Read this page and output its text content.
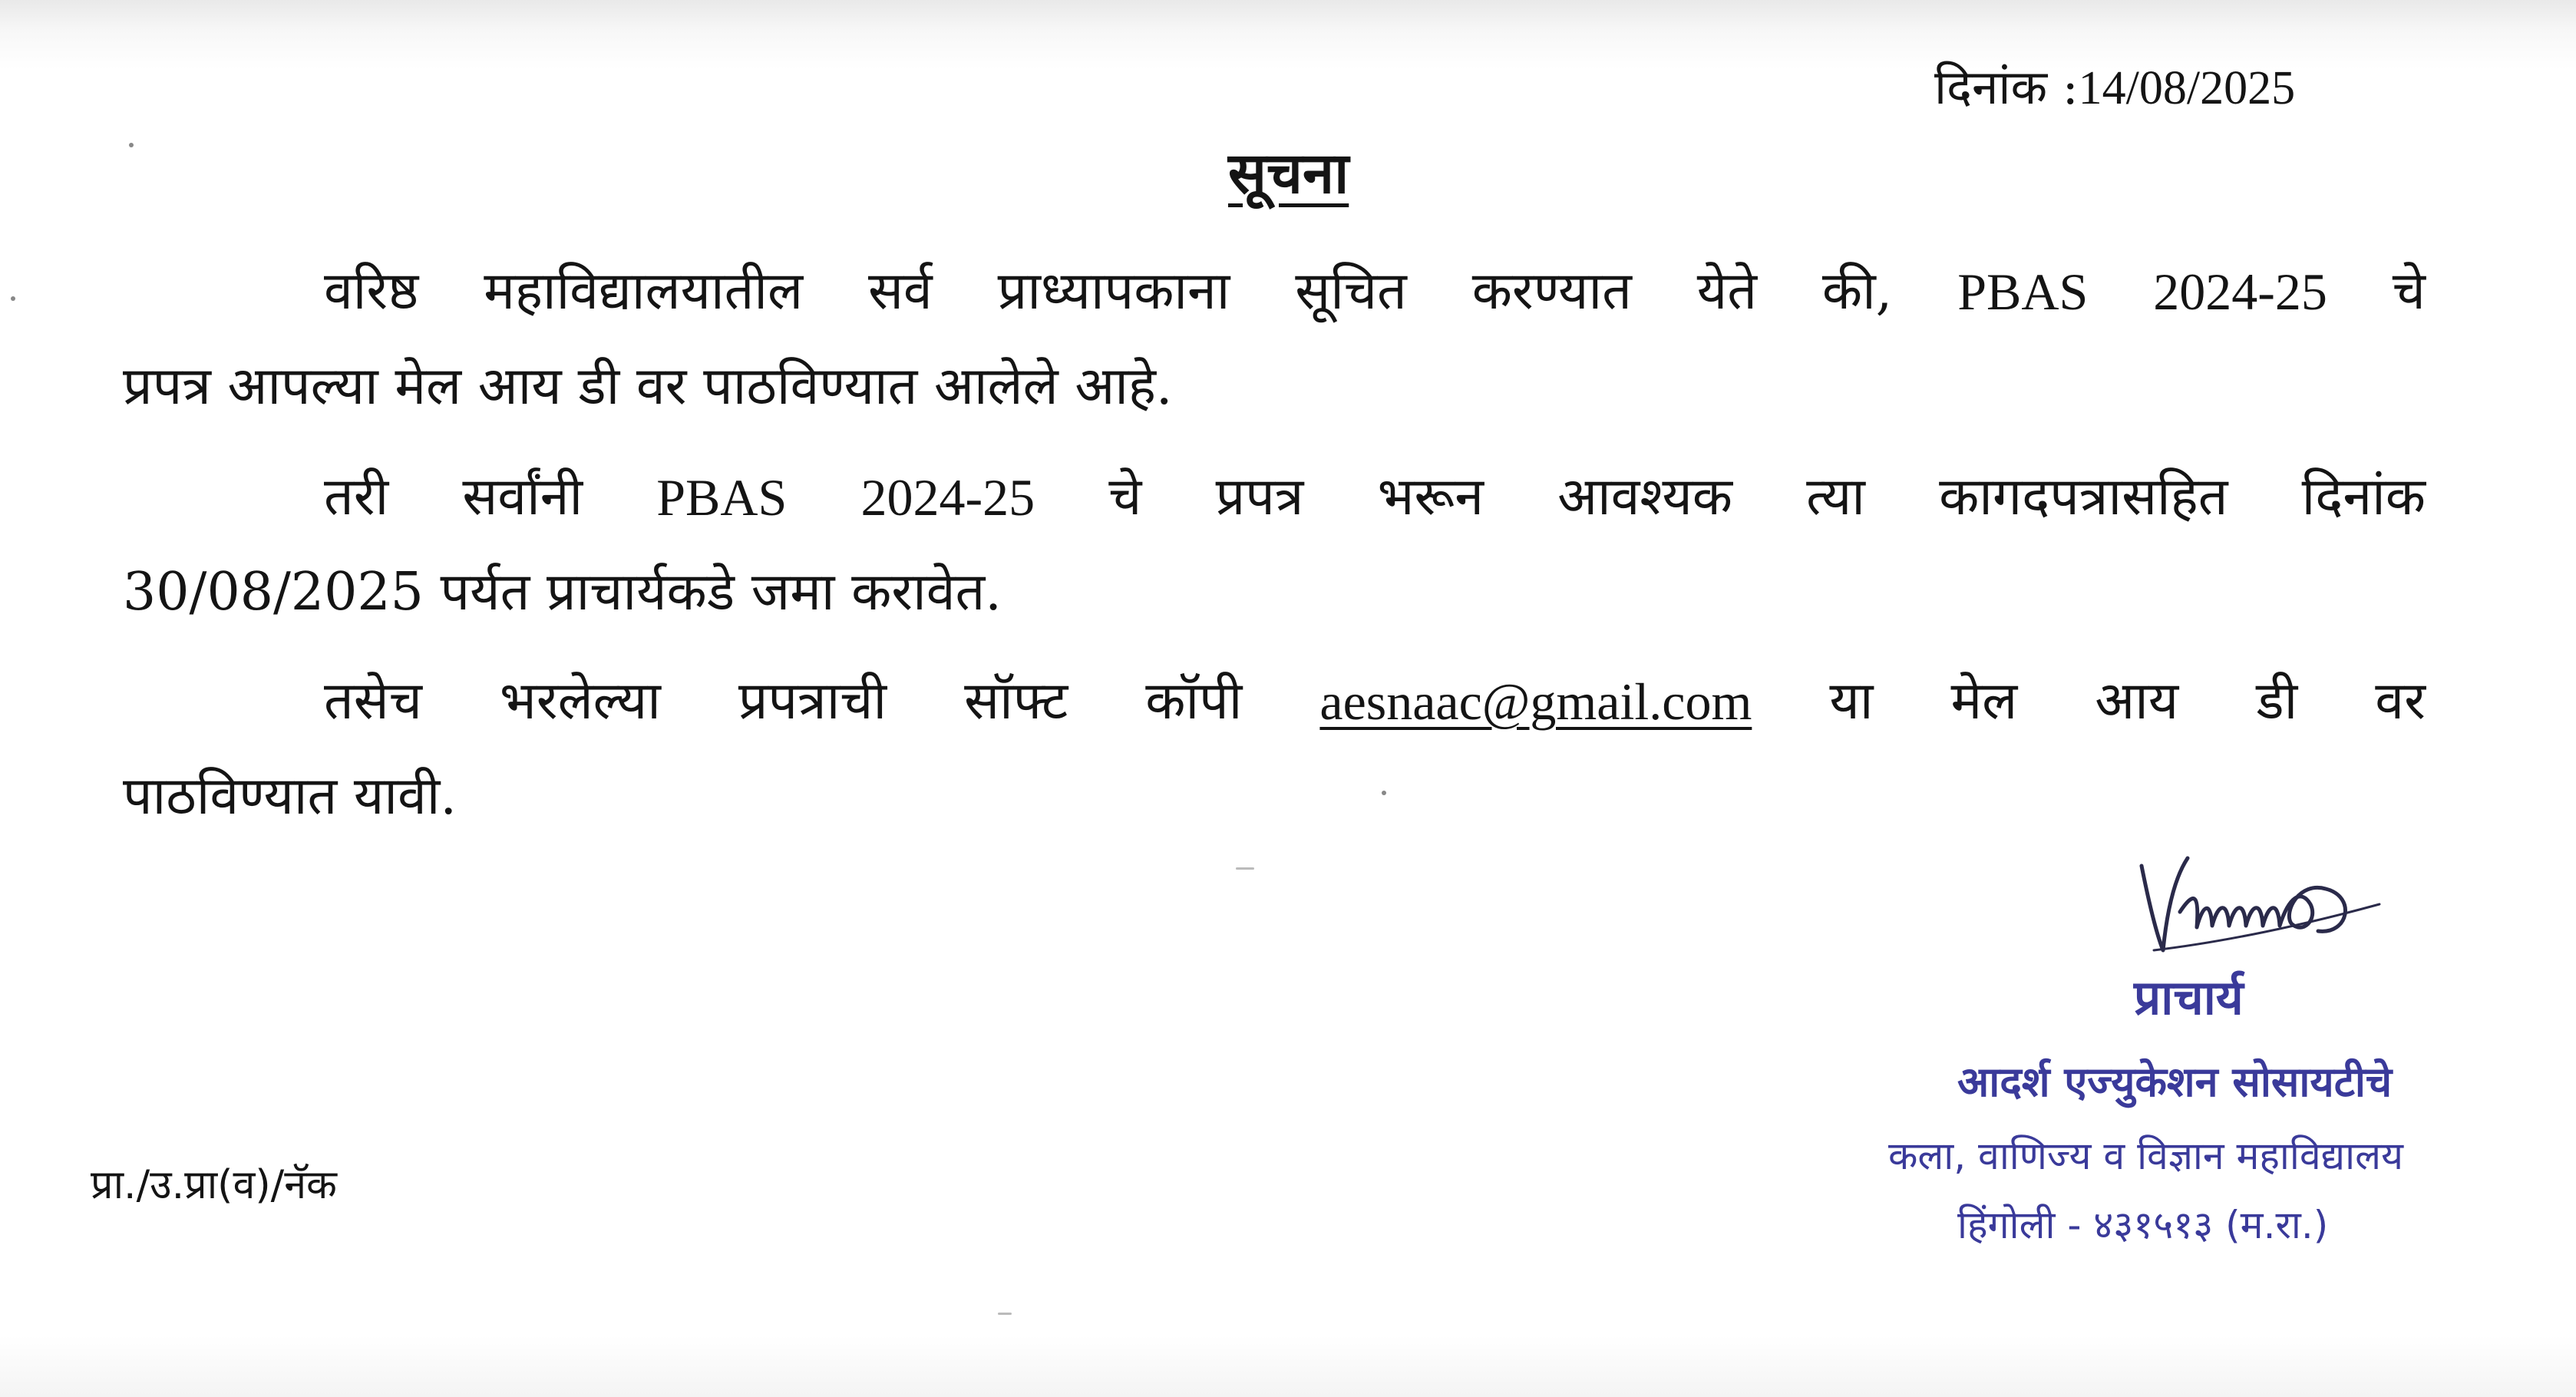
दिनांक :14/08/2025
सूचना
वरिष्ठ महाविद्यालयातील सर्व प्राध्यापकाना सूचित करण्यात येते की, PBAS 2024-25 चे
प्रपत्र आपल्या मेल आय डी वर पाठविण्यात आलेले आहे.
तरी सर्वांनी PBAS 2024-25 चे प्रपत्र भरून आवश्यक त्या कागदपत्रासहित दिनांक
30/08/2025 पर्यत प्राचार्यकडे जमा करावेत.
तसेच भरलेल्या प्रपत्राची सॉफ्ट कॉपी aesnaac@gmail.com या मेल आय डी वर
पाठविण्यात यावी.
प्राचार्य
आदर्श एज्युकेशन सोसायटीचे
कला, वाणिज्य व विज्ञान महाविद्यालय
हिंगोली - ४३१५१३ (म.रा.)
प्रा./उ.प्रा(व)/नॅक
